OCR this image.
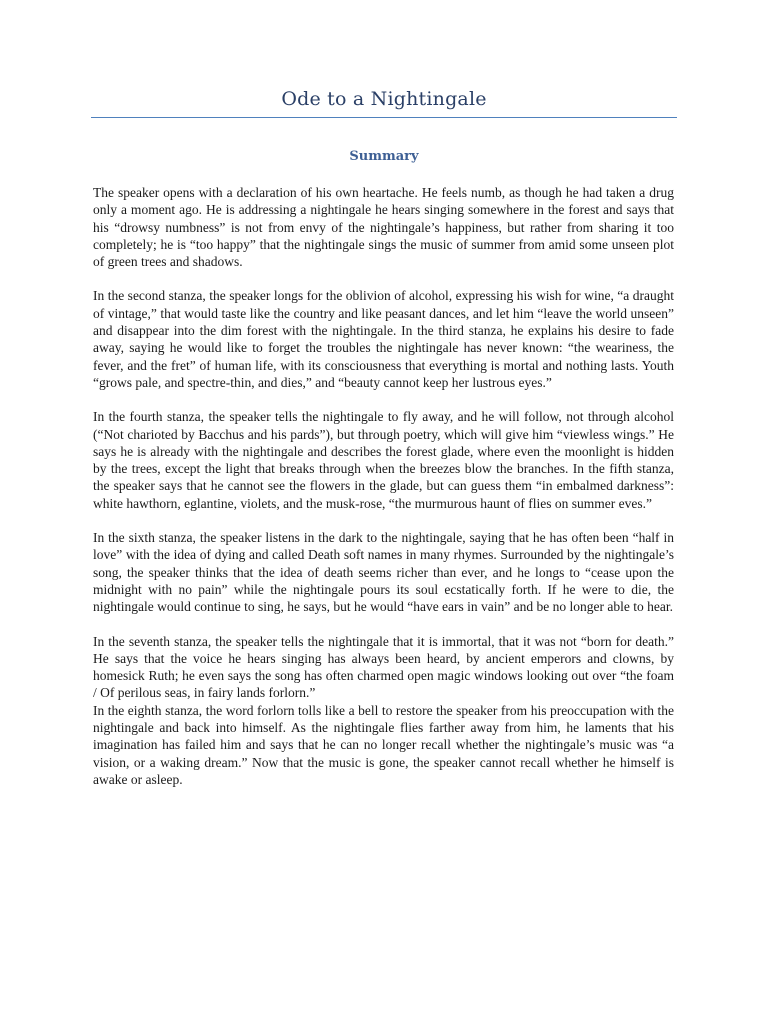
Ode to a Nightingale
Summary

The speaker opens with a declaration of his own heartache. He feels numb, as though he had taken a drug only a moment ago. He is addressing a nightingale he hears singing somewhere in the forest and says that his “drowsy numbness” is not from envy of the nightingale’s happiness, but rather from sharing it too completely; he is “too happy” that the nightingale sings the music of summer from amid some unseen plot of green trees and shadows.

In the second stanza, the speaker longs for the oblivion of alcohol, expressing his wish for wine, “a draught of vintage,” that would taste like the country and like peasant dances, and let him “leave the world unseen” and disappear into the dim forest with the nightingale. In the third stanza, he explains his desire to fade away, saying he would like to forget the troubles the nightingale has never known: “the weariness, the fever, and the fret” of human life, with its consciousness that everything is mortal and nothing lasts. Youth “grows pale, and spectre-thin, and dies,” and “beauty cannot keep her lustrous eyes.”

In the fourth stanza, the speaker tells the nightingale to fly away, and he will follow, not through alcohol (“Not charioted by Bacchus and his pards”), but through poetry, which will give him “viewless wings.” He says he is already with the nightingale and describes the forest glade, where even the moonlight is hidden by the trees, except the light that breaks through when the breezes blow the branches. In the fifth stanza, the speaker says that he cannot see the flowers in the glade, but can guess them “in embalmed darkness”: white hawthorn, eglantine, violets, and the musk-rose, “the murmurous haunt of flies on summer eves.”

In the sixth stanza, the speaker listens in the dark to the nightingale, saying that he has often been “half in love” with the idea of dying and called Death soft names in many rhymes. Surrounded by the nightingale’s song, the speaker thinks that the idea of death seems richer than ever, and he longs to “cease upon the midnight with no pain” while the nightingale pours its soul ecstatically forth. If he were to die, the nightingale would continue to sing, he says, but he would “have ears in vain” and be no longer able to hear.

In the seventh stanza, the speaker tells the nightingale that it is immortal, that it was not “born for death.” He says that the voice he hears singing has always been heard, by ancient emperors and clowns, by homesick Ruth; he even says the song has often charmed open magic windows looking out over “the foam / Of perilous seas, in fairy lands forlorn.”

In the eighth stanza, the word forlorn tolls like a bell to restore the speaker from his preoccupation with the nightingale and back into himself. As the nightingale flies farther away from him, he laments that his imagination has failed him and says that he can no longer recall whether the nightingale’s music was “a vision, or a waking dream.” Now that the music is gone, the speaker cannot recall whether he himself is awake or asleep.
